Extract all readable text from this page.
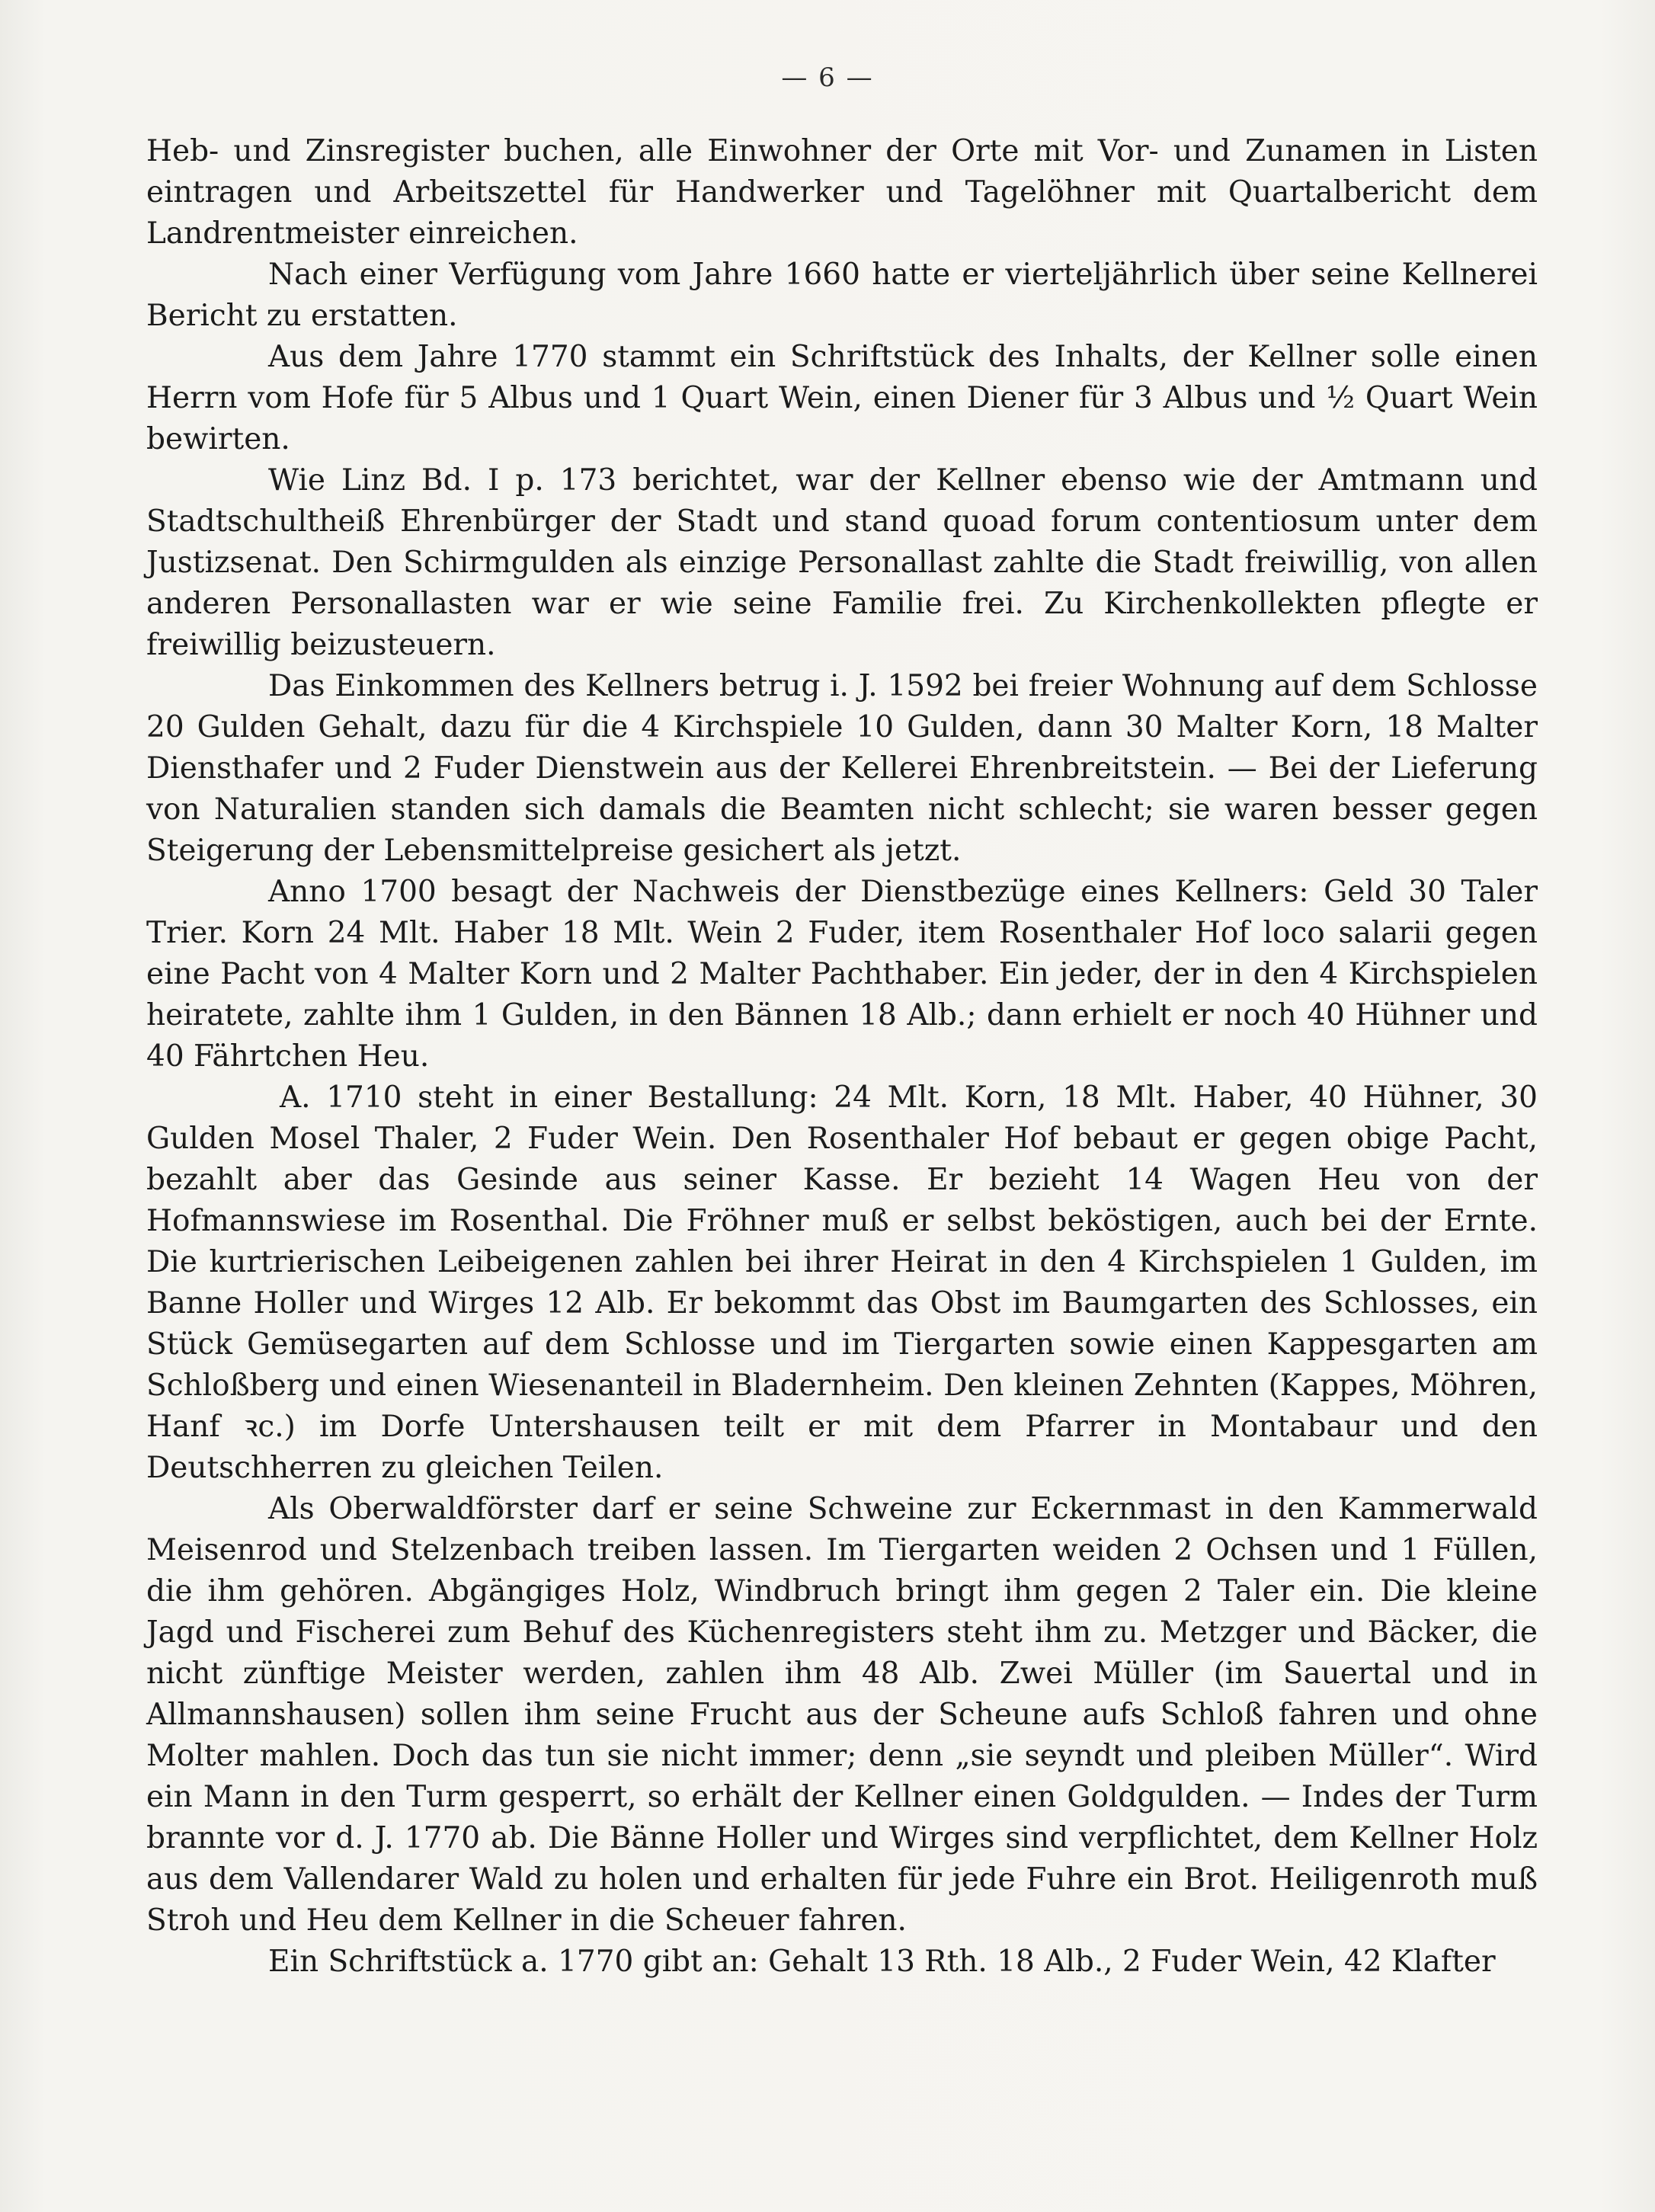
— 6 —

Heb- und Zinsregister buchen, alle Einwohner der Orte mit Vor- und Zunamen in Listen eintragen und Arbeitszettel für Handwerker und Tagelöhner mit Quartalbericht dem Landrentmeister einreichen.

Nach einer Verfügung vom Jahre 1660 hatte er vierteljährlich über seine Kellnerei Bericht zu erstatten.

Aus dem Jahre 1770 stammt ein Schriftstück des Inhalts, der Kellner solle einen Herrn vom Hofe für 5 Albus und 1 Quart Wein, einen Diener für 3 Albus und ½ Quart Wein bewirten.

Wie Linz Bd. I p. 173 berichtet, war der Kellner ebenso wie der Amtmann und Stadtschultheiß Ehrenbürger der Stadt und stand quoad forum contentiosum unter dem Justizsenat. Den Schirmgulden als einzige Personallast zahlte die Stadt freiwillig, von allen anderen Personallasten war er wie seine Familie frei. Zu Kirchenkollekten pflegte er freiwillig beizusteuern.

Das Einkommen des Kellners betrug i. J. 1592 bei freier Wohnung auf dem Schlosse 20 Gulden Gehalt, dazu für die 4 Kirchspiele 10 Gulden, dann 30 Malter Korn, 18 Malter Diensthafer und 2 Fuder Dienstwein aus der Kellerei Ehrenbreitstein. — Bei der Lieferung von Naturalien standen sich damals die Beamten nicht schlecht; sie waren besser gegen Steigerung der Lebensmittelpreise gesichert als jetzt.

Anno 1700 besagt der Nachweis der Dienstbezüge eines Kellners: Geld 30 Taler Trier. Korn 24 Mlt. Haber 18 Mlt. Wein 2 Fuder, item Rosenthaler Hof loco salarii gegen eine Pacht von 4 Malter Korn und 2 Malter Pachthaber. Ein jeder, der in den 4 Kirchspielen heiratete, zahlte ihm 1 Gulden, in den Bännen 18 Alb.; dann erhielt er noch 40 Hühner und 40 Fährtchen Heu.

A. 1710 steht in einer Bestallung: 24 Mlt. Korn, 18 Mlt. Haber, 40 Hühner, 30 Gulden Mosel Thaler, 2 Fuder Wein. Den Rosenthaler Hof bebaut er gegen obige Pacht, bezahlt aber das Gesinde aus seiner Kasse. Er bezieht 14 Wagen Heu von der Hofmannswiese im Rosenthal. Die Fröhner muß er selbst beköstigen, auch bei der Ernte. Die kurtrierischen Leibeigenen zahlen bei ihrer Heirat in den 4 Kirchspielen 1 Gulden, im Banne Holler und Wirges 12 Alb. Er bekommt das Obst im Baumgarten des Schlosses, ein Stück Gemüsegarten auf dem Schlosse und im Tiergarten sowie einen Kappesgarten am Schloßberg und einen Wiesenanteil in Bladernheim. Den kleinen Zehnten (Kappes, Möhren, Hanf ꝛc.) im Dorfe Untershausen teilt er mit dem Pfarrer in Montabaur und den Deutschherren zu gleichen Teilen.

Als Oberwaldförster darf er seine Schweine zur Eckernmast in den Kammerwald Meisenrod und Stelzenbach treiben lassen. Im Tiergarten weiden 2 Ochsen und 1 Füllen, die ihm gehören. Abgängiges Holz, Windbruch bringt ihm gegen 2 Taler ein. Die kleine Jagd und Fischerei zum Behuf des Küchenregisters steht ihm zu. Metzger und Bäcker, die nicht zünftige Meister werden, zahlen ihm 48 Alb. Zwei Müller (im Sauertal und in Allmannshausen) sollen ihm seine Frucht aus der Scheune aufs Schloß fahren und ohne Molter mahlen. Doch das tun sie nicht immer; denn „sie seyndt und pleiben Müller“. Wird ein Mann in den Turm gesperrt, so erhält der Kellner einen Goldgulden. — Indes der Turm brannte vor d. J. 1770 ab. Die Bänne Holler und Wirges sind verpflichtet, dem Kellner Holz aus dem Vallendarer Wald zu holen und erhalten für jede Fuhre ein Brot. Heiligenroth muß Stroh und Heu dem Kellner in die Scheuer fahren.

Ein Schriftstück a. 1770 gibt an: Gehalt 13 Rth. 18 Alb., 2 Fuder Wein, 42 Klafter
